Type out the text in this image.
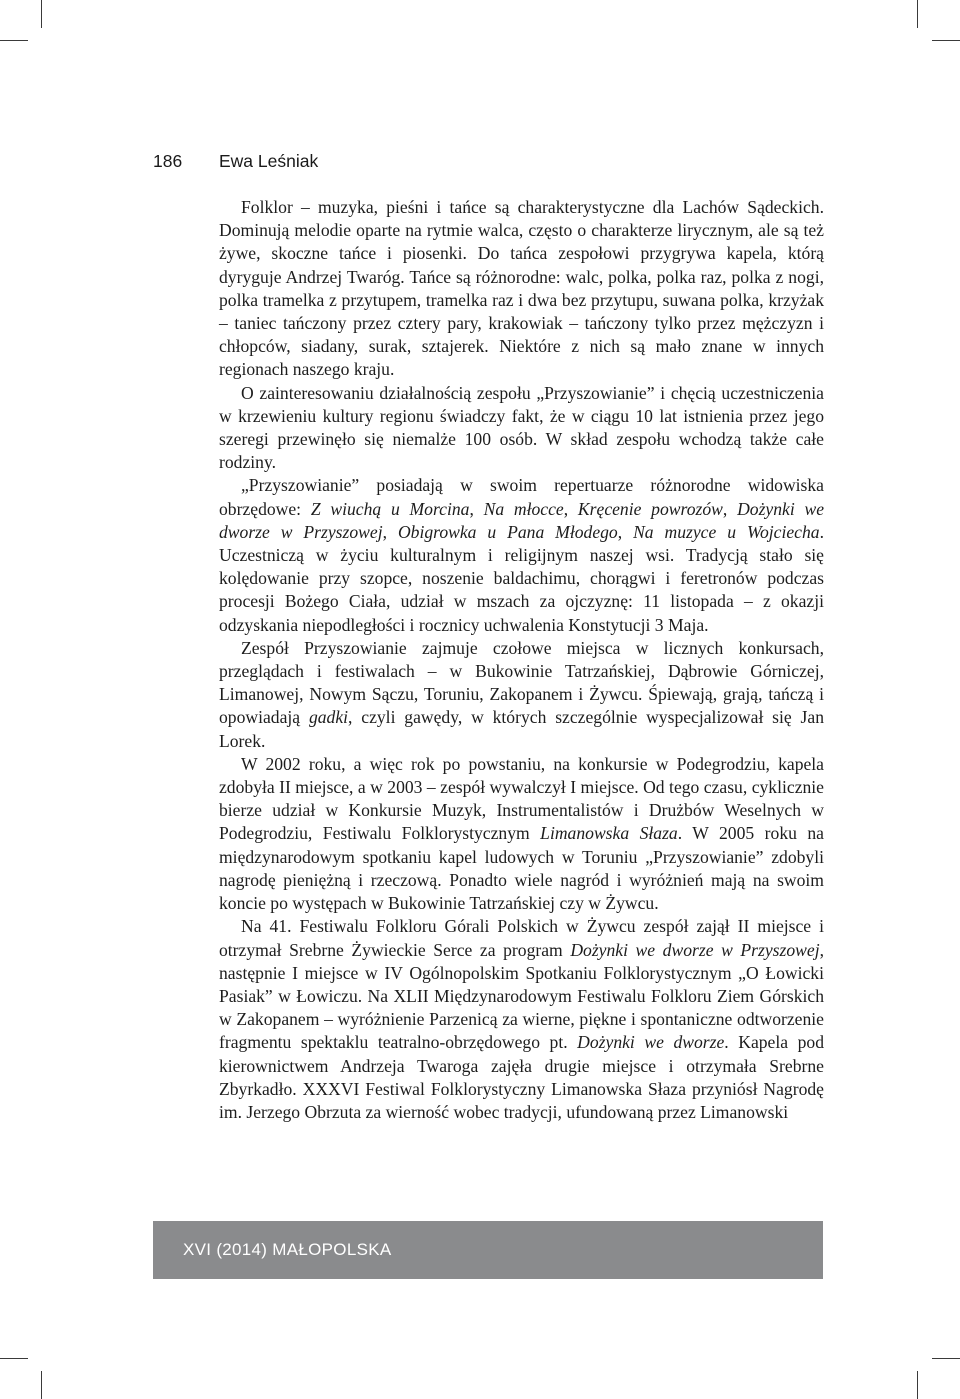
186 Ewa Leśniak

Folklor – muzyka, pieśni i tańce są charakterystyczne dla Lachów Sądeckich. Dominują melodie oparte na rytmie walca, często o charakterze lirycznym, ale są też żywe, skoczne tańce i piosenki. Do tańca zespołowi przygrywa kapela, którą dyryguje Andrzej Twaróg. Tańce są różnorodne: walc, polka, polka raz, polka z nogi, polka tramelka z przytupem, tramelka raz i dwa bez przytupu, suwana polka, krzyżak – taniec tańczony przez cztery pary, krakowiak – tańczony tylko przez mężczyzn i chłopców, siadany, surak, sztajerek. Niektóre z nich są mało znane w innych regionach naszego kraju.

O zainteresowaniu działalnością zespołu „Przyszowianie” i chęcią uczestniczenia w krzewieniu kultury regionu świadczy fakt, że w ciągu 10 lat istnienia przez jego szeregi przewinęło się niemalże 100 osób. W skład zespołu wchodzą także całe rodziny.

„Przyszowianie” posiadają w swoim repertuarze różnorodne widowiska obrzędowe: Z wiuchą u Morcina, Na młocce, Kręcenie powrozów, Dożynki we dworze w Przyszowej, Obigrowka u Pana Młodego, Na muzyce u Wojciecha. Uczestniczą w życiu kulturalnym i religijnym naszej wsi. Tradycją stało się kolędowanie przy szopce, noszenie baldachimu, chorągwi i feretronów podczas procesji Bożego Ciała, udział w mszach za ojczyznę: 11 listopada – z okazji odzyskania niepodległości i rocznicy uchwalenia Konstytucji 3 Maja.

Zespół Przyszowianie zajmuje czołowe miejsca w licznych konkursach, przeglądach i festiwalach – w Bukowinie Tatrzańskiej, Dąbrowie Górniczej, Limanowej, Nowym Sączu, Toruniu, Zakopanem i Żywcu. Śpiewają, grają, tańczą i opowiadają gadki, czyli gawędy, w których szczególnie wyspecjalizował się Jan Lorek.

W 2002 roku, a więc rok po powstaniu, na konkursie w Podegrodziu, kapela zdobyła II miejsce, a w 2003 – zespół wywalczył I miejsce. Od tego czasu, cyklicznie bierze udział w Konkursie Muzyk, Instrumentalistów i Drużbów Weselnych w Podegrodziu, Festiwalu Folklorystycznym Limanowska Słaza. W 2005 roku na międzynarodowym spotkaniu kapel ludowych w Toruniu „Przyszowianie” zdobyli nagrodę pieniężną i rzeczową. Ponadto wiele nagród i wyróżnień mają na swoim koncie po występach w Bukowinie Tatrzańskiej czy w Żywcu.

Na 41. Festiwalu Folkloru Górali Polskich w Żywcu zespół zajął II miejsce i otrzymał Srebrne Żywieckie Serce za program Dożynki we dworze w Przyszowej, następnie I miejsce w IV Ogólnopolskim Spotkaniu Folklorystycznym „O Łowicki Pasiak” w Łowiczu. Na XLII Międzynarodowym Festiwalu Folkloru Ziem Górskich w Zakopanem – wyróżnienie Parzenicą za wierne, piękne i spontaniczne odtworzenie fragmentu spektaklu teatralno-obrzędowego pt. Dożynki we dworze. Kapela pod kierownictwem Andrzeja Twaroga zajęła drugie miejsce i otrzymała Srebrne Zbyrkadło. XXXVI Festiwal Folklorystyczny Limanowska Słaza przyniósł Nagrodę im. Jerzego Obrzuta za wierność wobec tradycji, ufundowaną przez Limanowski

XVI (2014) MAŁOPOLSKA
